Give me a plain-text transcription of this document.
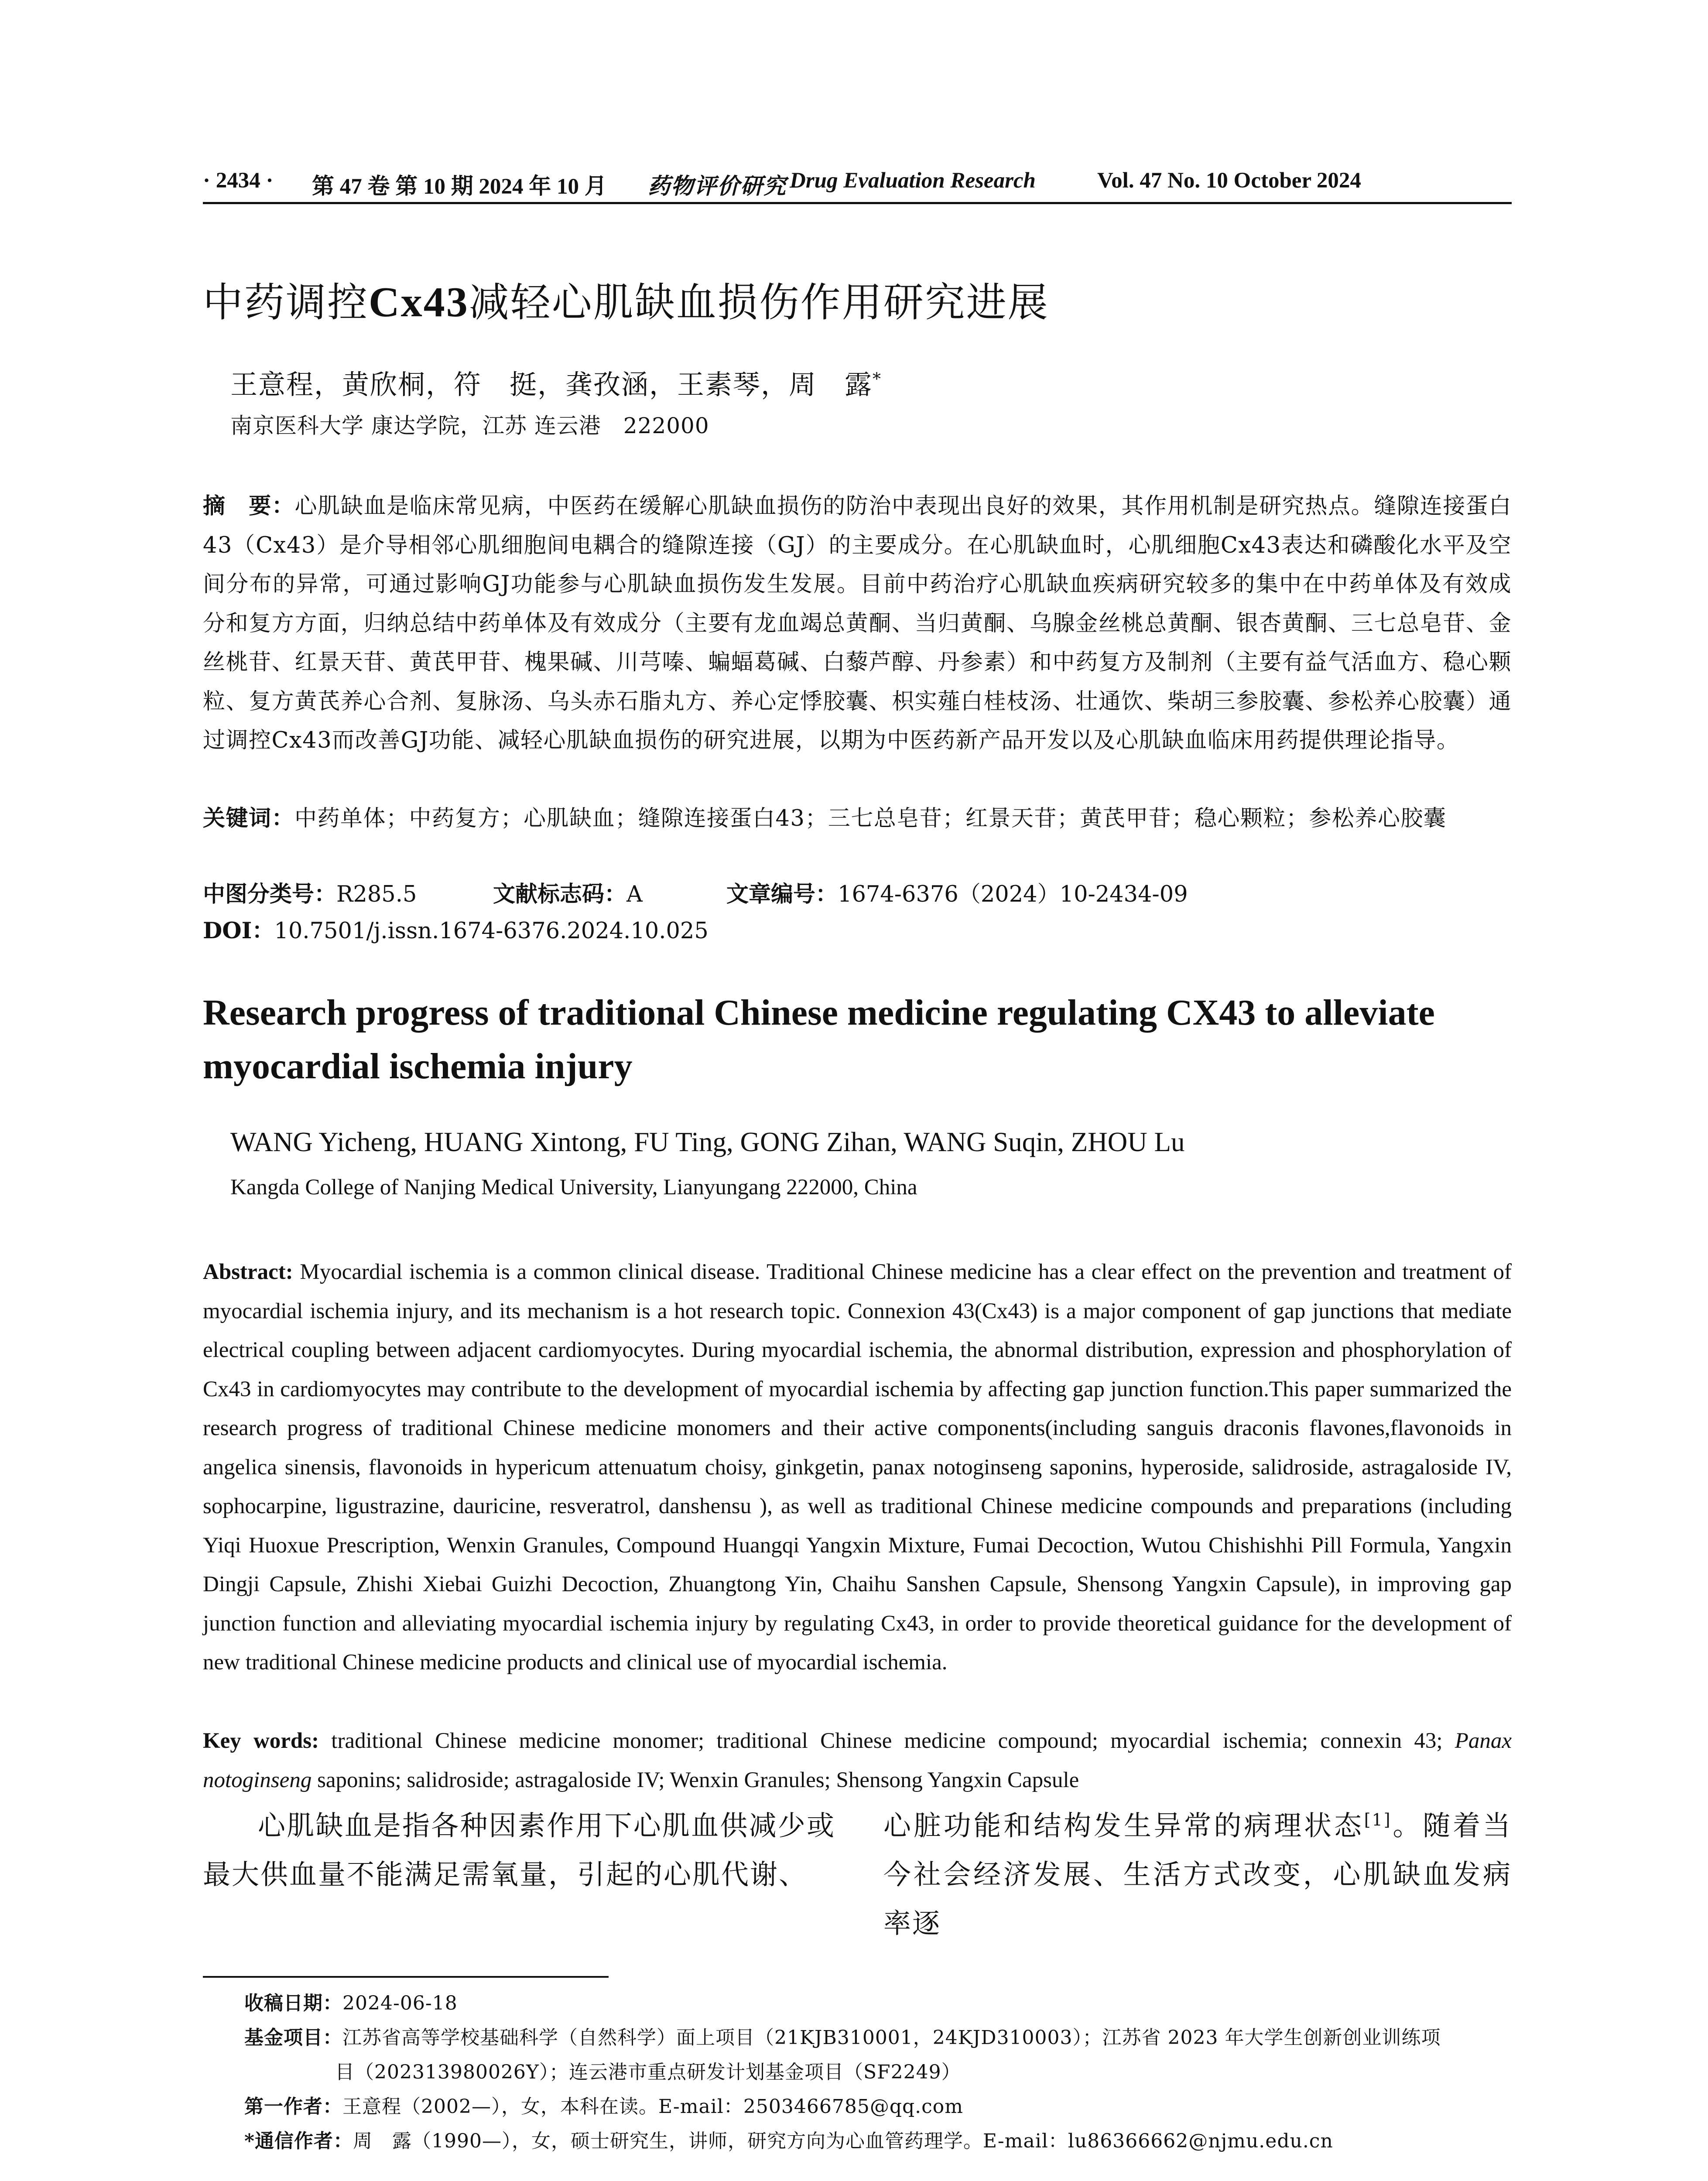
· 2434 · 第 47 卷 第 10 期 2024 年 10 月 药物评价研究 Drug Evaluation Research	Vol. 47 No. 10 October 2024
中药调控Cx43减轻心肌缺血损伤作用研究进展
王意程，黄欣桐，符　挺，龚孜涵，王素琴，周　露*
南京医科大学 康达学院，江苏 连云港　222000
摘　要：心肌缺血是临床常见病，中医药在缓解心肌缺血损伤的防治中表现出良好的效果，其作用机制是研究热点。缝隙连接蛋白43（Cx43）是介导相邻心肌细胞间电耦合的缝隙连接（GJ）的主要成分。在心肌缺血时，心肌细胞Cx43表达和磷酸化水平及空间分布的异常，可通过影响GJ功能参与心肌缺血损伤发生发展。目前中药治疗心肌缺血疾病研究较多的集中在中药单体及有效成分和复方方面，归纳总结中药单体及有效成分（主要有龙血竭总黄酮、当归黄酮、乌腺金丝桃总黄酮、银杏黄酮、三七总皂苷、金丝桃苷、红景天苷、黄芪甲苷、槐果碱、川芎嗪、蝙蝠葛碱、白藜芦醇、丹参素）和中药复方及制剂（主要有益气活血方、稳心颗粒、复方黄芪养心合剂、复脉汤、乌头赤石脂丸方、养心定悸胶囊、枳实薤白桂枝汤、壮通饮、柴胡三参胶囊、参松养心胶囊）通过调控Cx43而改善GJ功能、减轻心肌缺血损伤的研究进展，以期为中医药新产品开发以及心肌缺血临床用药提供理论指导。
关键词：中药单体；中药复方；心肌缺血；缝隙连接蛋白43；三七总皂苷；红景天苷；黄芪甲苷；稳心颗粒；参松养心胶囊
中图分类号：R285.5	文献标志码：A	文章编号：1674-6376（2024）10-2434-09
DOI：10.7501/j.issn.1674-6376.2024.10.025
Research progress of traditional Chinese medicine regulating CX43 to alleviate myocardial ischemia injury
WANG Yicheng, HUANG Xintong, FU Ting, GONG Zihan, WANG Suqin, ZHOU Lu
Kangda College of Nanjing Medical University, Lianyungang 222000, China
Abstract: Myocardial ischemia is a common clinical disease. Traditional Chinese medicine has a clear effect on the prevention and treatment of myocardial ischemia injury, and its mechanism is a hot research topic. Connexion 43(Cx43) is a major component of gap junctions that mediate electrical coupling between adjacent cardiomyocytes. During myocardial ischemia, the abnormal distribution, expression and phosphorylation of Cx43 in cardiomyocytes may contribute to the development of myocardial ischemia by affecting gap junction function.This paper summarized the research progress of traditional Chinese medicine monomers and their active components(including sanguis draconis flavones,flavonoids in angelica sinensis, flavonoids in hypericum attenuatum choisy, ginkgetin, panax notoginseng saponins, hyperoside, salidroside, astragaloside IV, sophocarpine, ligustrazine, dauricine, resveratrol, danshensu ), as well as traditional Chinese medicine compounds and preparations (including Yiqi Huoxue Prescription, Wenxin Granules, Compound Huangqi Yangxin Mixture, Fumai Decoction, Wutou Chishishhi Pill Formula, Yangxin Dingji Capsule, Zhishi Xiebai Guizhi Decoction, Zhuangtong Yin, Chaihu Sanshen Capsule, Shensong Yangxin Capsule), in improving gap junction function and alleviating myocardial ischemia injury by regulating Cx43, in order to provide theoretical guidance for the development of new traditional Chinese medicine products and clinical use of myocardial ischemia.
Key words: traditional Chinese medicine monomer; traditional Chinese medicine compound; myocardial ischemia; connexin 43; Panax notoginseng saponins; salidroside; astragaloside IV; Wenxin Granules; Shensong Yangxin Capsule
心肌缺血是指各种因素作用下心肌血供减少或最大供血量不能满足需氧量，引起的心肌代谢、
心脏功能和结构发生异常的病理状态[1]。随着当今社会经济发展、生活方式改变，心肌缺血发病率逐
收稿日期：2024-06-18
基金项目：江苏省高等学校基础科学（自然科学）面上项目（21KJB310001，24KJD310003）；江苏省 2023 年大学生创新创业训练项
目（202313980026Y）；连云港市重点研发计划基金项目（SF2249）
第一作者：王意程（2002—），女，本科在读。E-mail：2503466785@qq.com
*通信作者：周　露（1990—），女，硕士研究生，讲师，研究方向为心血管药理学。E-mail：lu86366662@njmu.edu.cn
